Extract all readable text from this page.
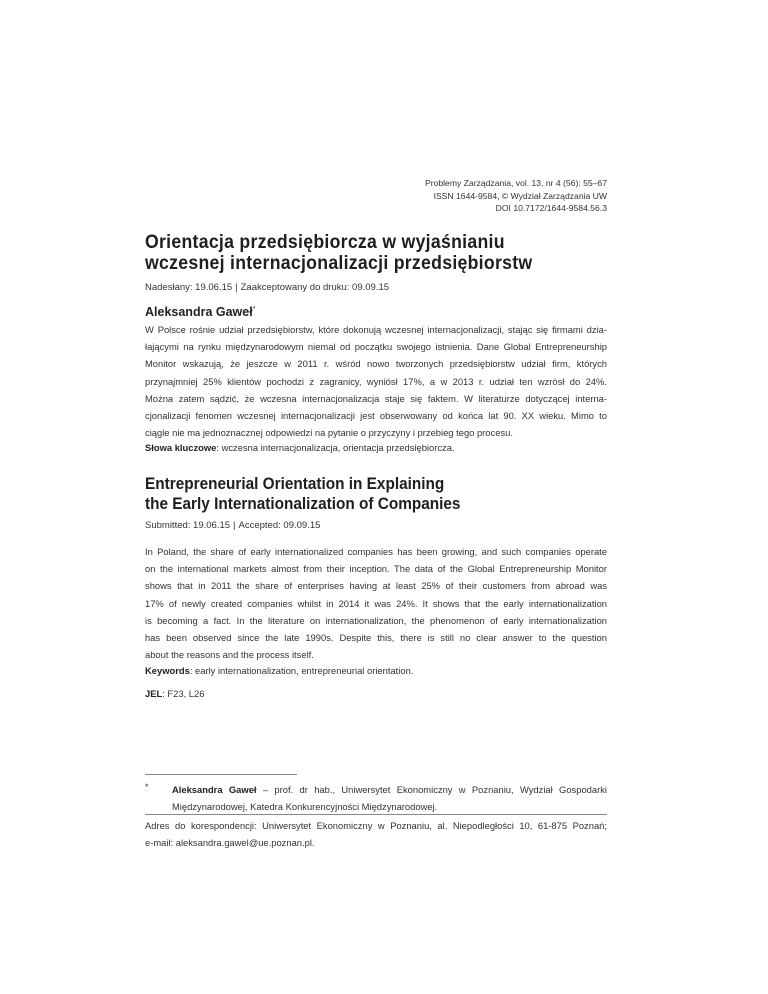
Problemy Zarządzania, vol. 13, nr 4 (56): 55–67
ISSN 1644-9584, © Wydział Zarządzania UW
DOI 10.7172/1644-9584.56.3
Orientacja przedsiębiorcza w wyjaśnianiu
wczesnej internacjonalizacji przedsiębiorstw
Nadesłany: 19.06.15 | Zaakceptowany do druku: 09.09.15
Aleksandra Gaweł*
W Polsce rośnie udział przedsiębiorstw, które dokonują wczesnej internacjonalizacji, stając się firmami dzia-
łającymi na rynku międzynarodowym niemal od początku swojego istnienia. Dane Global Entrepreneurship
Monitor wskazują, że jeszcze w 2011 r. wśród nowo tworzonych przedsiębiorstw udział firm, których
przynajmniej 25% klientów pochodzi z zagranicy, wyniósł 17%, a w 2013 r. udział ten wzrósł do 24%.
Można zatem sądzić, że wczesna internacjonalizacja staje się faktem. W literaturze dotyczącej interna-
cjonalizacji fenomen wczesnej internacjonalizacji jest obserwowany od końca lat 90. XX wieku. Mimo to
ciągle nie ma jednoznacznej odpowiedzi na pytanie o przyczyny i przebieg tego procesu.
Słowa kluczowe: wczesna internacjonalizacja, orientacja przedsiębiorcza.
Entrepreneurial Orientation in Explaining
the Early Internationalization of Companies
Submitted: 19.06.15 | Accepted: 09.09.15
In Poland, the share of early internationalized companies has been growing, and such companies operate
on the international markets almost from their inception. The data of the Global Entrepreneurship Monitor
shows that in 2011 the share of enterprises having at least 25% of their customers from abroad was
17% of newly created companies whilst in 2014 it was 24%. It shows that the early internationalization
is becoming a fact. In the literature on internationalization, the phenomenon of early internationalization
has been observed since the late 1990s. Despite this, there is still no clear answer to the question
about the reasons and the process itself.
Keywords: early internationalization, entrepreneurial orientation.
JEL: F23, L26
* Aleksandra Gaweł – prof. dr hab., Uniwersytet Ekonomiczny w Poznaniu, Wydział Gospodarki
Międzynarodowej, Katedra Konkurencyjności Międzynarodowej.
Adres do korespondencji: Uniwersytet Ekonomiczny w Poznaniu, al. Niepodległości 10, 61-875 Poznań;
e-mail: aleksandra.gawel@ue.poznan.pl.
